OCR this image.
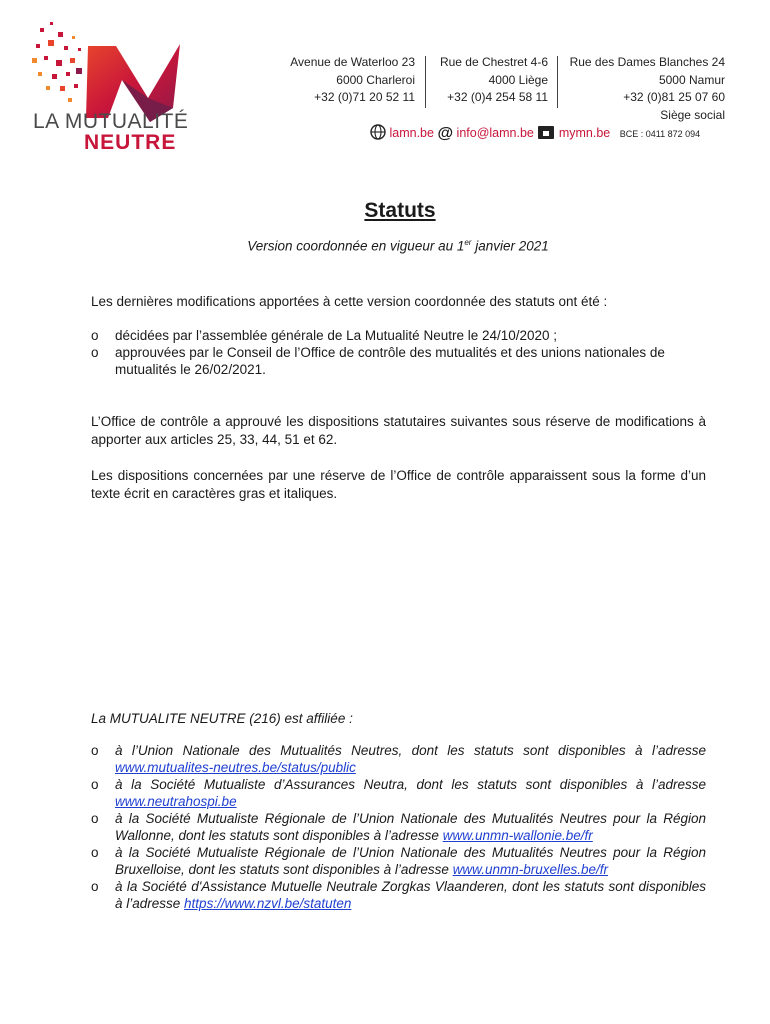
LA MUTUALITÉ
NEUTRE
Avenue de Waterloo 23
6000 Charleroi
+32 (0)71 20 52 11
Rue de Chestret 4-6
4000 Liège
+32 (0)4 254 58 11
Rue des Dames Blanches 24
5000 Namur
+32 (0)81 25 07 60
Siège social
lamn.be @ info@lamn.be mymn.be BCE : 0411 872 094
Statuts
Version coordonnée en vigueur au 1er janvier 2021
Les dernières modifications apportées à cette version coordonnée des statuts ont été :
o décidées par l’assemblée générale de La Mutualité Neutre le 24/10/2020 ;
o approuvées par le Conseil de l’Office de contrôle des mutualités et des unions nationales de mutualités le 26/02/2021.
L’Office de contrôle a approuvé les dispositions statutaires suivantes sous réserve de modifications à apporter aux articles 25, 33, 44, 51 et 62.
Les dispositions concernées par une réserve de l’Office de contrôle apparaissent sous la forme d’un texte écrit en caractères gras et italiques.
La MUTUALITE NEUTRE (216) est affiliée :
o à l’Union Nationale des Mutualités Neutres, dont les statuts sont disponibles à l’adresse www.mutualites-neutres.be/status/public
o à la Société Mutualiste d’Assurances Neutra, dont les statuts sont disponibles à l’adresse www.neutrahospi.be
o à la Société Mutualiste Régionale de l’Union Nationale des Mutualités Neutres pour la Région Wallonne, dont les statuts sont disponibles à l’adresse www.unmn-wallonie.be/fr
o à la Société Mutualiste Régionale de l’Union Nationale des Mutualités Neutres pour la Région Bruxelloise, dont les statuts sont disponibles à l’adresse www.unmn-bruxelles.be/fr
o à la Société d'Assistance Mutuelle Neutrale Zorgkas Vlaanderen, dont les statuts sont disponibles à l’adresse https://www.nzvl.be/statuten
